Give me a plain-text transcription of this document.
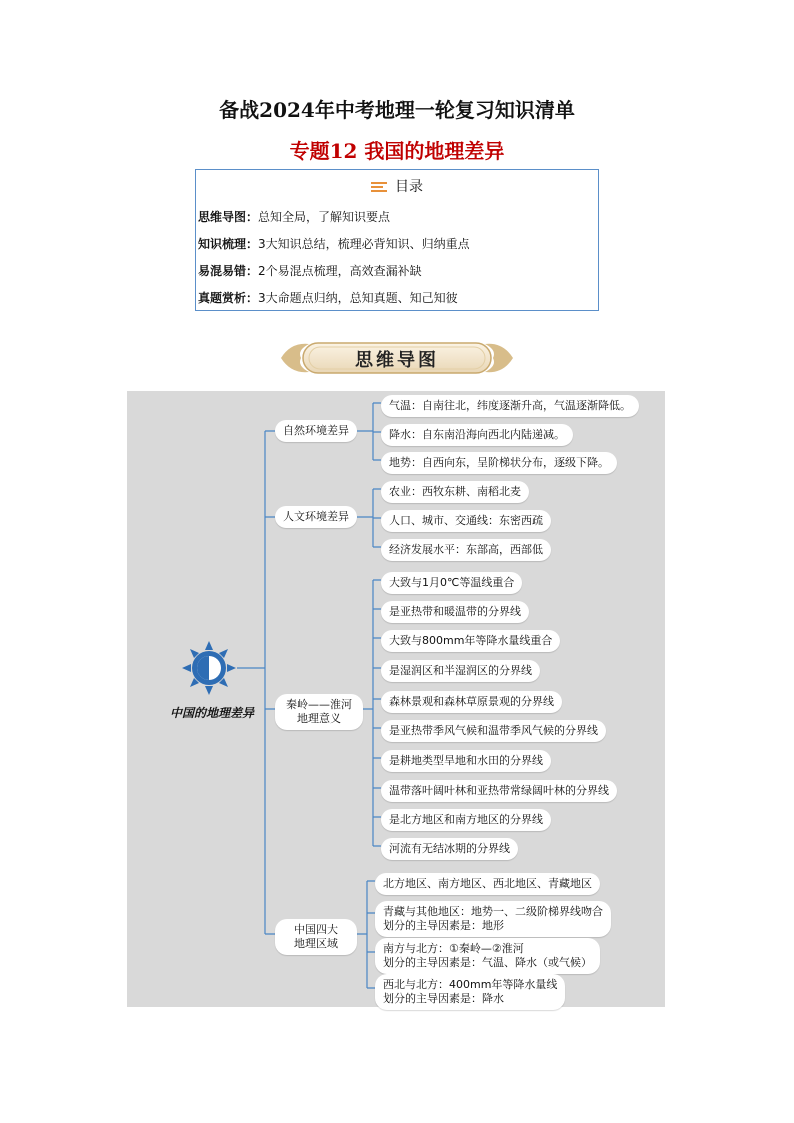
备战2024年中考地理一轮复习知识清单
专题12 我国的地理差异
目录
思维导图：总知全局，了解知识要点
知识梳理：3大知识总结，梳理必背知识、归纳重点
易混易错：2个易混点梳理，高效查漏补缺
真题赏析：3大命题点归纳，总知真题、知己知彼
思维导图
中国的地理差异
自然环境差异
人文环境差异
秦岭——淮河
地理意义
中国四大
地理区域
气温：自南往北，纬度逐渐升高，气温逐渐降低。
降水：自东南沿海向西北内陆递减。
地势：自西向东，呈阶梯状分布，逐级下降。
农业：西牧东耕、南稻北麦
人口、城市、交通线：东密西疏
经济发展水平：东部高，西部低
大致与1月0℃等温线重合
是亚热带和暖温带的分界线
大致与800mm年等降水量线重合
是湿润区和半湿润区的分界线
森林景观和森林草原景观的分界线
是亚热带季风气候和温带季风气候的分界线
是耕地类型旱地和水田的分界线
温带落叶阔叶林和亚热带常绿阔叶林的分界线
是北方地区和南方地区的分界线
河流有无结冰期的分界线
北方地区、南方地区、西北地区、青藏地区
青藏与其他地区：地势一、二级阶梯界线吻合
划分的主导因素是：地形
南方与北方：①秦岭—②淮河
划分的主导因素是：气温、降水（或气候）
西北与北方：400mm年等降水量线
划分的主导因素是：降水
